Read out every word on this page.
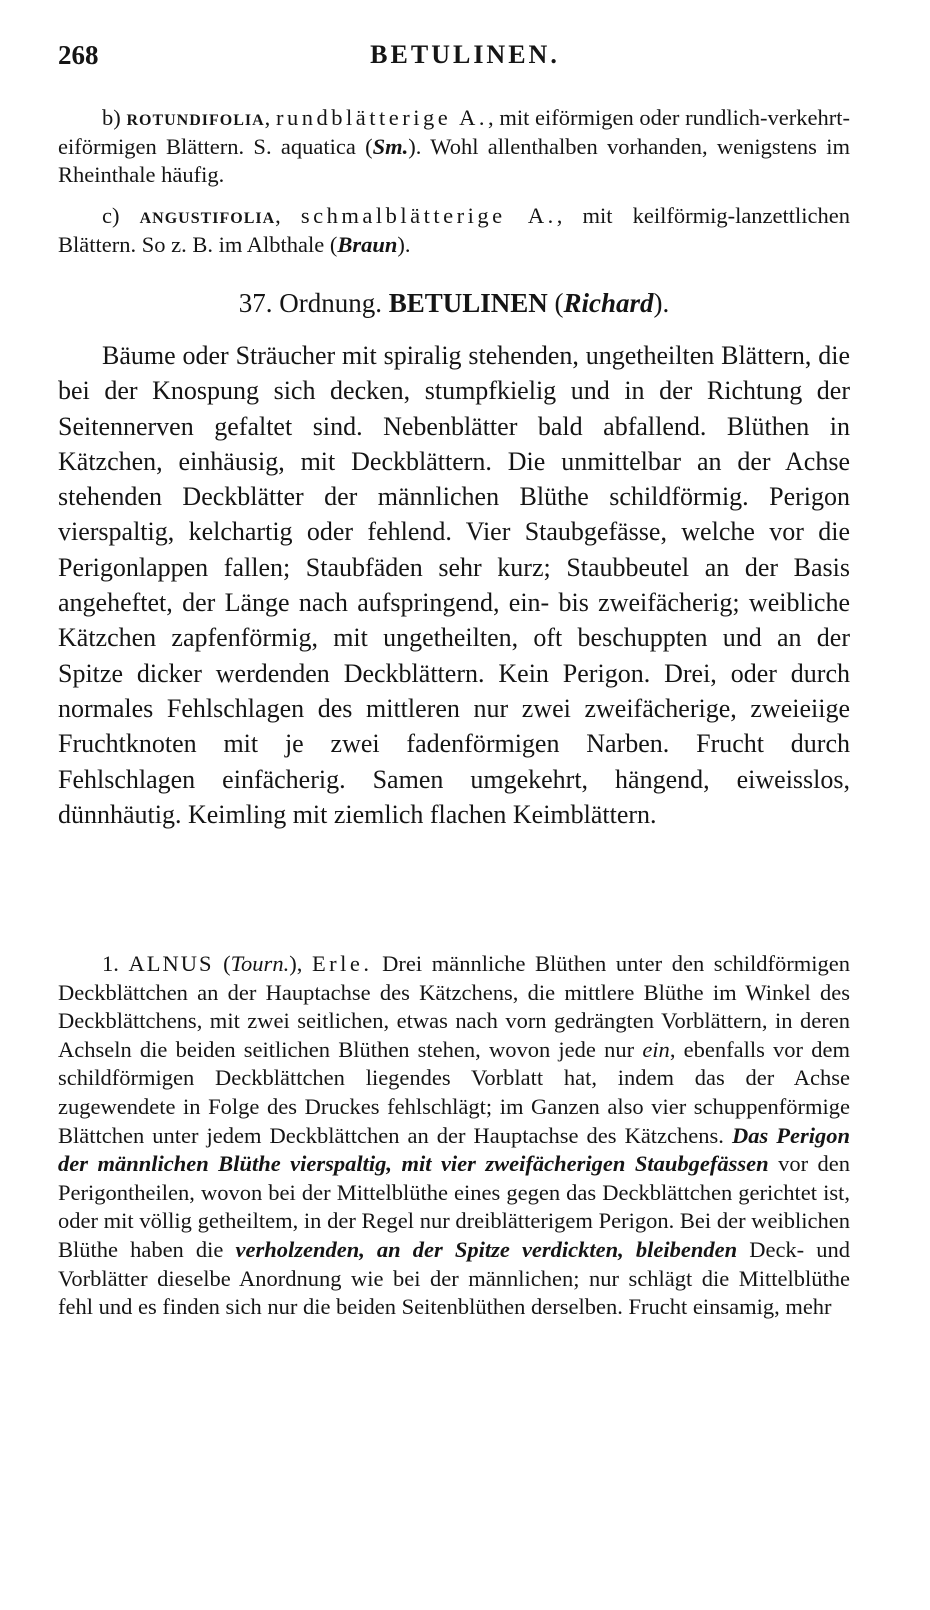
268	BETULINEN.

b) rotundifolia, rundblätterige A., mit eiförmigen oder rundlich-verkehrt-eiförmigen Blättern. S. aquatica (Sm.). Wohl allenthalben vorhanden, wenigstens im Rheinthale häufig.

c) angustifolia, schmalblätterige A., mit keilförmig-lanzettlichen Blättern. So z. B. im Albthale (Braun).

37. Ordnung. BETULINEN (Richard).

Bäume oder Sträucher mit spiralig stehenden, ungetheilten Blättern, die bei der Knospung sich decken, stumpfkielig und in der Richtung der Seitennerven gefaltet sind. Nebenblätter bald abfallend. Blüthen in Kätzchen, einhäusig, mit Deckblättern. Die unmittelbar an der Achse stehenden Deckblätter der männlichen Blüthe schildförmig. Perigon vierspaltig, kelchartig oder fehlend. Vier Staubgefässe, welche vor die Perigonlappen fallen; Staubfäden sehr kurz; Staubbeutel an der Basis angeheftet, der Länge nach aufspringend, ein- bis zweifächerig; weibliche Kätzchen zapfenförmig, mit ungetheilten, oft beschuppten und an der Spitze dicker werdenden Deckblättern. Kein Perigon. Drei, oder durch normales Fehlschlagen des mittleren nur zwei zweifächerige, zweieiige Fruchtknoten mit je zwei fadenförmigen Narben. Frucht durch Fehlschlagen einfächerig. Samen umgekehrt, hängend, eiweisslos, dünnhäutig. Keimling mit ziemlich flachen Keimblättern.

1. ALNUS (Tourn.), Erle. Drei männliche Blüthen unter den schildförmigen Deckblättchen an der Hauptachse des Kätzchens, die mittlere Blüthe im Winkel des Deckblättchens, mit zwei seitlichen, etwas nach vorn gedrängten Vorblättern, in deren Achseln die beiden seitlichen Blüthen stehen, wovon jede nur ein, ebenfalls vor dem schildförmigen Deckblättchen liegendes Vorblatt hat, indem das der Achse zugewendete in Folge des Druckes fehlschlägt; im Ganzen also vier schuppenförmige Blättchen unter jedem Deckblättchen an der Hauptachse des Kätzchens. Das Perigon der männlichen Blüthe vierspaltig, mit vier zweifächerigen Staubgefässen vor den Perigontheilen, wovon bei der Mittelblüthe eines gegen das Deckblättchen gerichtet ist, oder mit völlig getheiltem, in der Regel nur dreiblätterigem Perigon. Bei der weiblichen Blüthe haben die verholzenden, an der Spitze verdickten, bleibenden Deck- und Vorblätter dieselbe Anordnung wie bei der männlichen; nur schlägt die Mittelblüthe fehl und es finden sich nur die beiden Seitenblüthen derselben. Frucht einsamig, mehr
